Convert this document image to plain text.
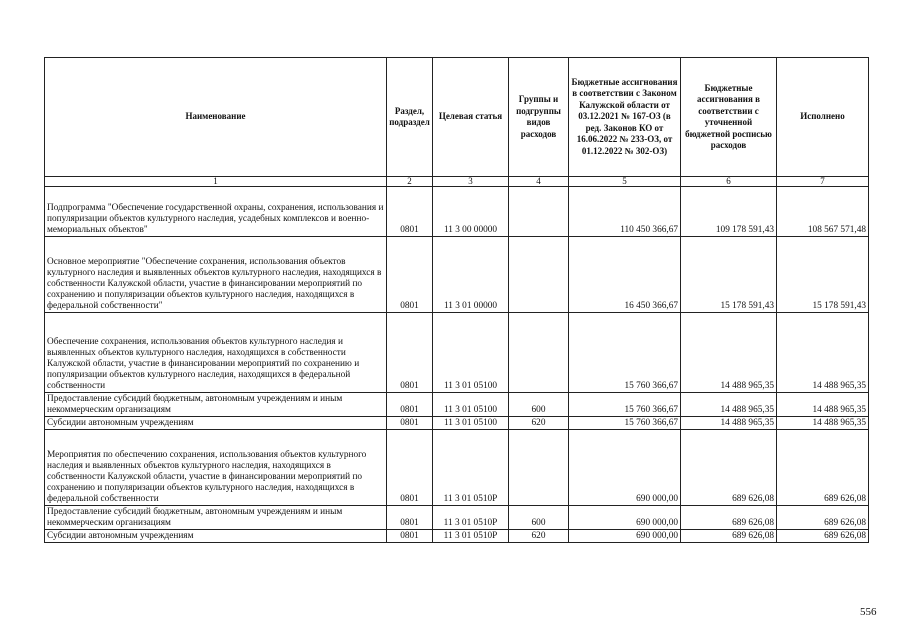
Наименование	Раздел, подраздел	Целевая статья	Группы и подгруппы видов расходов	Бюджетные ассигнования в соответствии с Законом Калужской области от 03.12.2021 № 167-ОЗ (в ред. Законов КО от 16.06.2022 № 233-ОЗ, от 01.12.2022 № 302-ОЗ)	Бюджетные ассигнования в соответствии с уточненной бюджетной росписью расходов	Исполнено
1	2	3	4	5	6	7
Подпрограмма "Обеспечение государственной охраны, сохранения, использования и популяризации объектов культурного наследия, усадебных комплексов и военно-мемориальных объектов"	0801	11 3 00 00000		110 450 366,67	109 178 591,43	108 567 571,48
Основное мероприятие "Обеспечение сохранения, использования объектов культурного наследия и выявленных объектов культурного наследия, находящихся в собственности Калужской области, участие в финансировании мероприятий по сохранению и популяризации объектов культурного наследия, находящихся в федеральной собственности"	0801	11 3 01 00000		16 450 366,67	15 178 591,43	15 178 591,43
Обеспечение сохранения, использования объектов культурного наследия и выявленных объектов культурного наследия, находящихся в собственности Калужской области, участие в финансировании мероприятий по сохранению и популяризации объектов культурного наследия, находящихся в федеральной собственности	0801	11 3 01 05100		15 760 366,67	14 488 965,35	14 488 965,35
Предоставление субсидий бюджетным, автономным учреждениям и иным некоммерческим организациям	0801	11 3 01 05100	600	15 760 366,67	14 488 965,35	14 488 965,35
Субсидии автономным учреждениям	0801	11 3 01 05100	620	15 760 366,67	14 488 965,35	14 488 965,35
Мероприятия по обеспечению сохранения, использования объектов культурного наследия и выявленных объектов культурного наследия, находящихся в собственности Калужской области, участие в финансировании мероприятий по сохранению и популяризации объектов культурного наследия, находящихся в федеральной собственности	0801	11 3 01 0510Р		690 000,00	689 626,08	689 626,08
Предоставление субсидий бюджетным, автономным учреждениям и иным некоммерческим организациям	0801	11 3 01 0510Р	600	690 000,00	689 626,08	689 626,08
Субсидии автономным учреждениям	0801	11 3 01 0510Р	620	690 000,00	689 626,08	689 626,08
556
